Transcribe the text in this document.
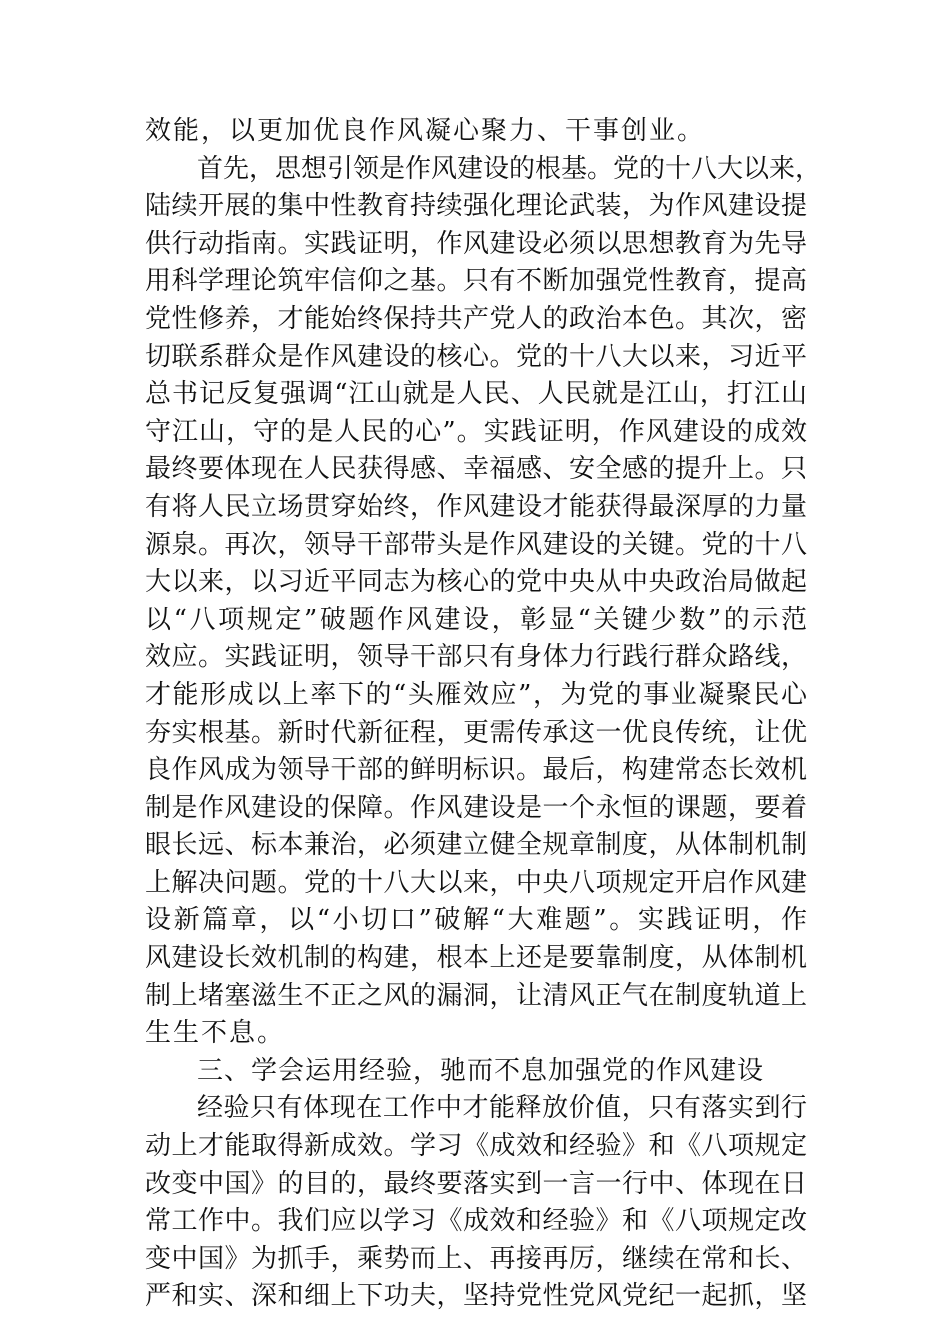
效能，以更加优良作风凝心聚力、干事创业。
首先，思想引领是作风建设的根基。党的十八大以来，
陆续开展的集中性教育持续强化理论武装，为作风建设提
供行动指南。实践证明，作风建设必须以思想教育为先导
用科学理论筑牢信仰之基。只有不断加强党性教育，提高
党性修养，才能始终保持共产党人的政治本色。其次，密
切联系群众是作风建设的核心。党的十八大以来，习近平
总书记反复强调“江山就是人民、人民就是江山，打江山
守江山，守的是人民的心”。实践证明，作风建设的成效
最终要体现在人民获得感、幸福感、安全感的提升上。只
有将人民立场贯穿始终，作风建设才能获得最深厚的力量
源泉。再次，领导干部带头是作风建设的关键。党的十八
大以来，以习近平同志为核心的党中央从中央政治局做起
以“八项规定”破题作风建设，彰显“关键少数”的示范
效应。实践证明，领导干部只有身体力行践行群众路线，
才能形成以上率下的“头雁效应”，为党的事业凝聚民心
夯实根基。新时代新征程，更需传承这一优良传统，让优
良作风成为领导干部的鲜明标识。最后，构建常态长效机
制是作风建设的保障。作风建设是一个永恒的课题，要着
眼长远、标本兼治，必须建立健全规章制度，从体制机制
上解决问题。党的十八大以来，中央八项规定开启作风建
设新篇章，以“小切口”破解“大难题”。实践证明，作
风建设长效机制的构建，根本上还是要靠制度，从体制机
制上堵塞滋生不正之风的漏洞，让清风正气在制度轨道上
生生不息。
三、学会运用经验，驰而不息加强党的作风建设
经验只有体现在工作中才能释放价值，只有落实到行
动上才能取得新成效。学习《成效和经验》和《八项规定
改变中国》的目的，最终要落实到一言一行中、体现在日
常工作中。我们应以学习《成效和经验》和《八项规定改
变中国》为抓手，乘势而上、再接再厉，继续在常和长、
严和实、深和细上下功夫，坚持党性党风党纪一起抓，坚
